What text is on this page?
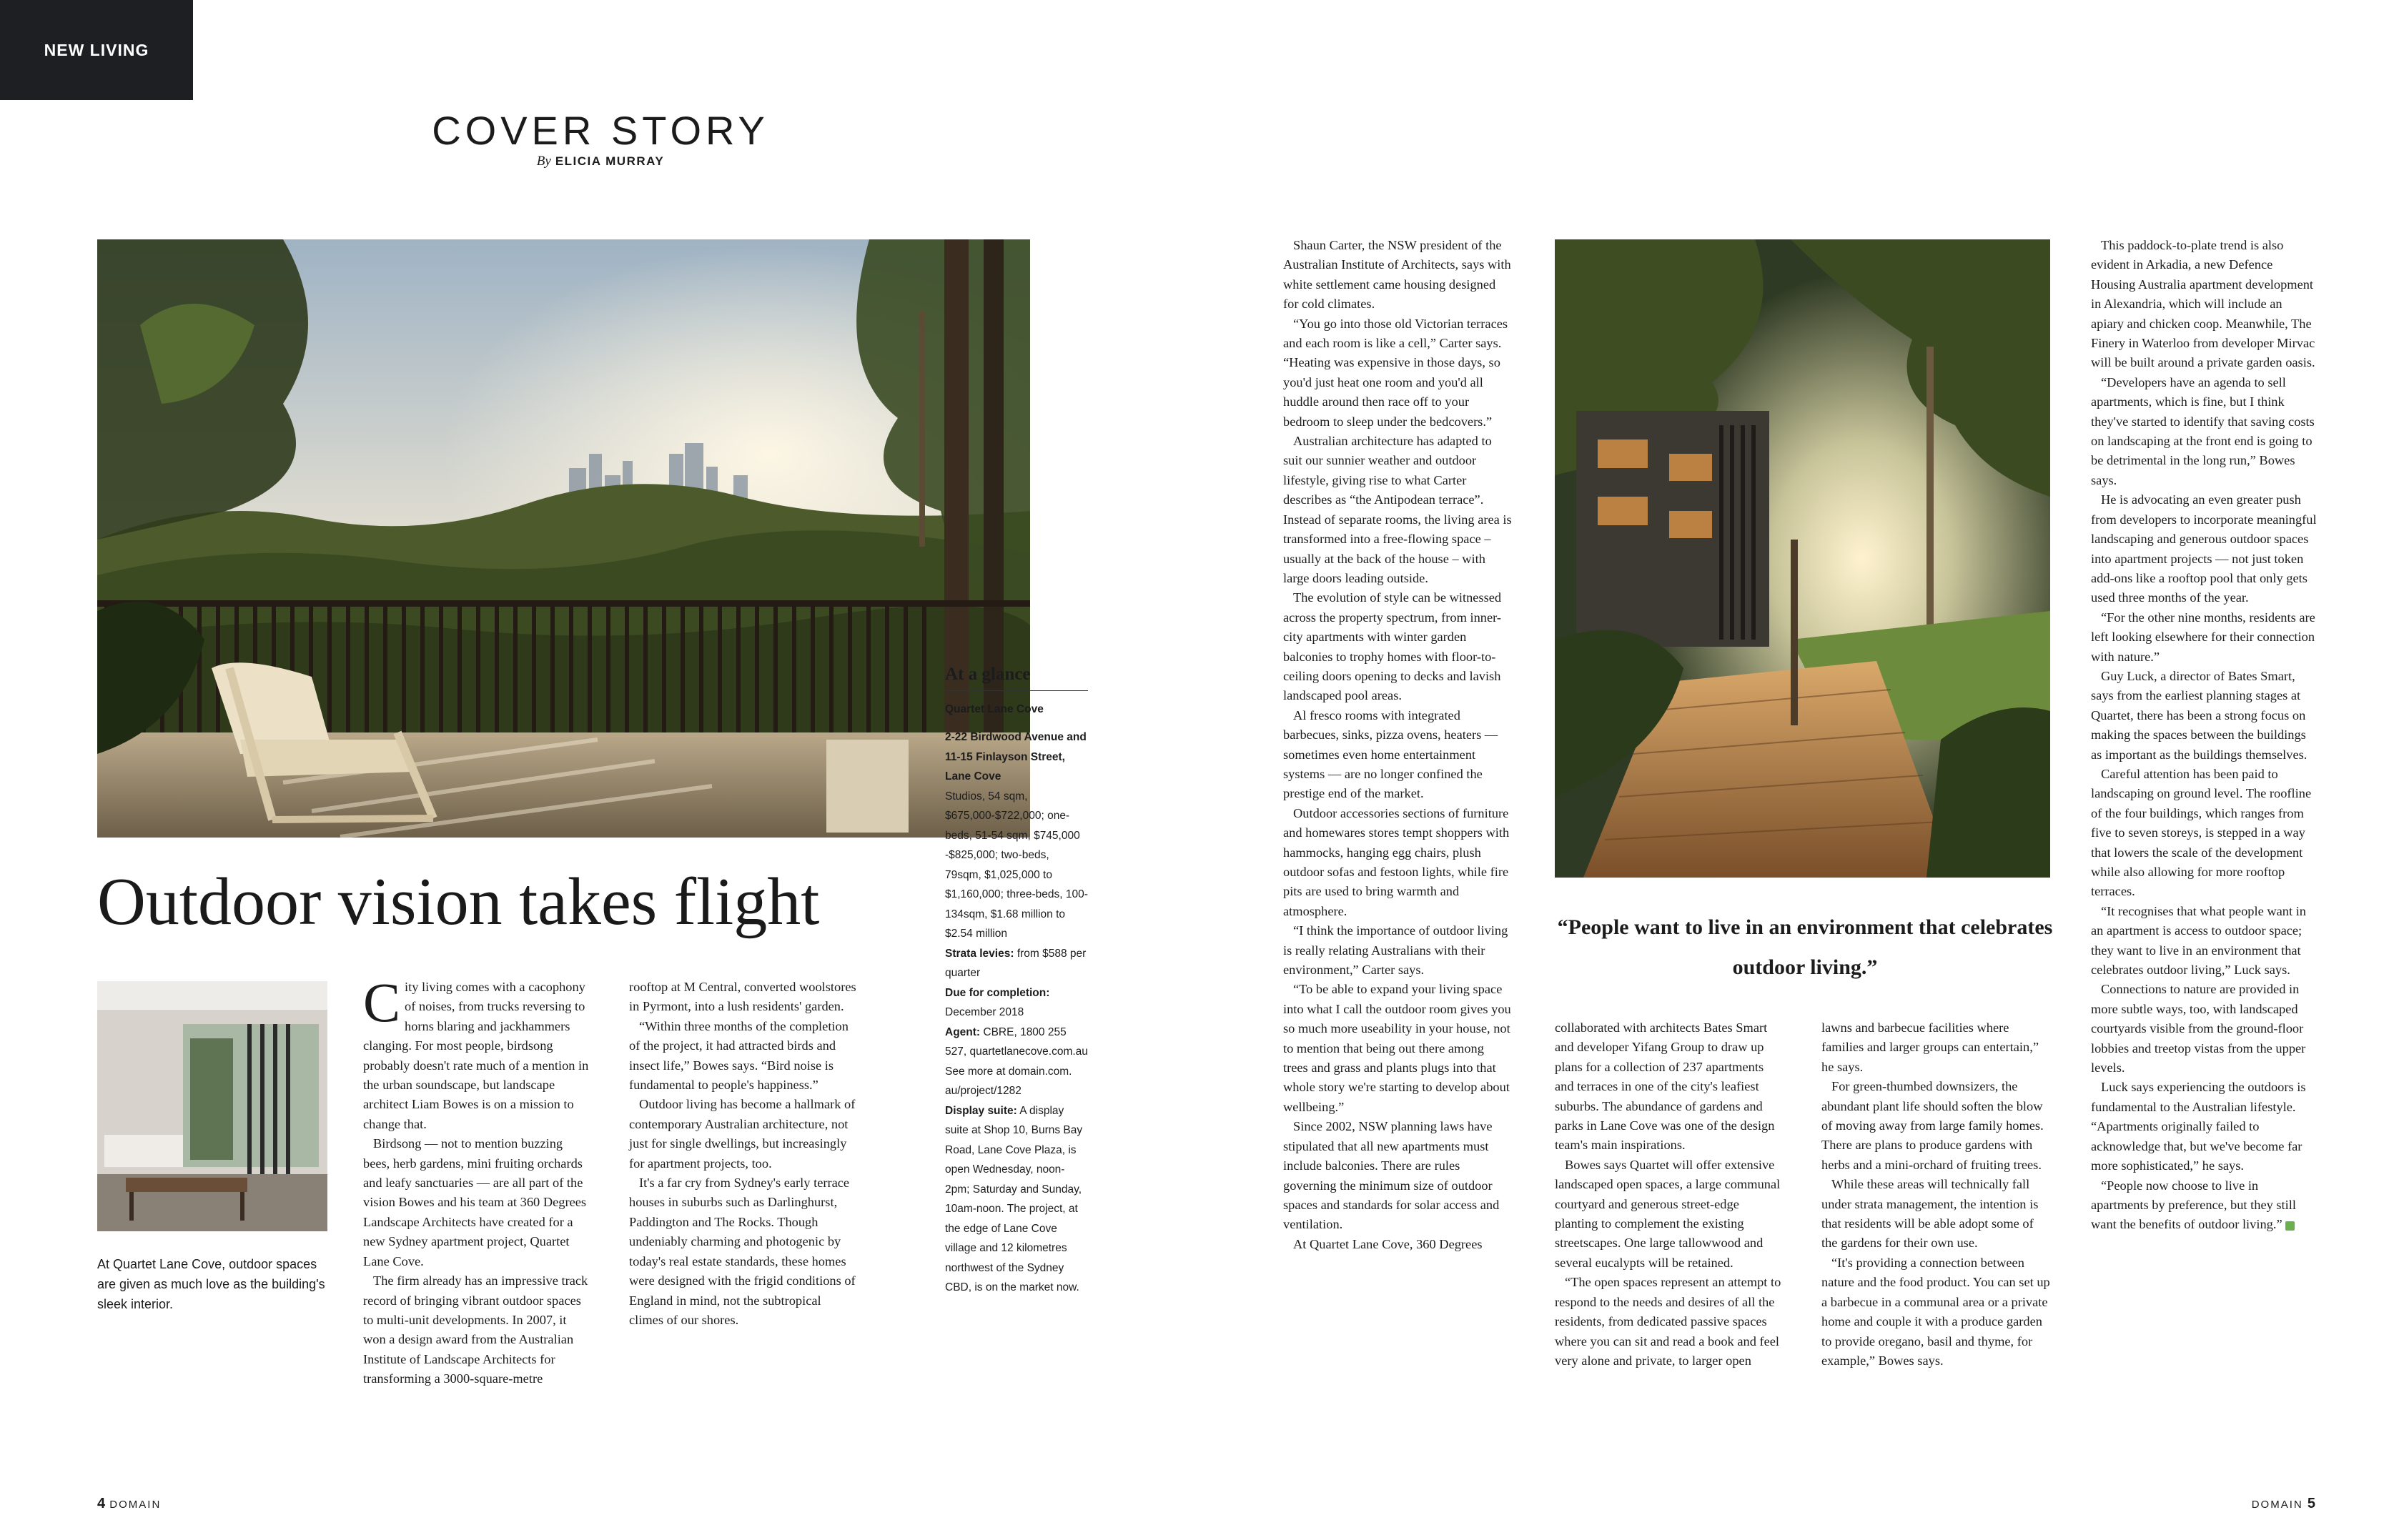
NEW LIVING
COVER STORY
By ELICIA MURRAY
Outdoor vision takes flight
At Quartet Lane Cove, outdoor spaces are given as much love as the building's sleek interior.

City living comes with a cacophony of noises, from trucks reversing to horns blaring and jackhammers clanging. For most people, birdsong probably doesn't rate much of a mention in the urban soundscape, but landscape architect Liam Bowes is on a mission to change that.

Birdsong — not to mention buzzing bees, herb gardens, mini fruiting orchards and leafy sanctuaries — are all part of the vision Bowes and his team at 360 Degrees Landscape Architects have created for a new Sydney apartment project, Quartet Lane Cove.

The firm already has an impressive track record of bringing vibrant outdoor spaces to multi-unit developments. In 2007, it won a design award from the Australian Institute of Landscape Architects for transforming a 3000-square-metre

rooftop at M Central, converted woolstores in Pyrmont, into a lush residents' garden.

“Within three months of the completion of the project, it had attracted birds and insect life,” Bowes says. “Bird noise is fundamental to people's happiness.”

Outdoor living has become a hallmark of contemporary Australian architecture, not just for single dwellings, but increasingly for apartment projects, too.

It's a far cry from Sydney's early terrace houses in suburbs such as Darlinghurst, Paddington and The Rocks. Though undeniably charming and photogenic by today's real estate standards, these homes were designed with the frigid conditions of England in mind, not the subtropical climes of our shores.

At a glance
Quartet Lane Cove
2-22 Birdwood Avenue and 11-15 Finlayson Street, Lane Cove
Studios, 54 sqm, $675,000-$722,000; one-beds, 51-54 sqm, $745,000 -$825,000; two-beds, 79sqm, $1,025,000 to $1,160,000; three-beds, 100-134sqm, $1.68 million to $2.54 million
Strata levies: from $588 per quarter
Due for completion: December 2018
Agent: CBRE, 1800 255 527, quartetlanecove.com.au See more at domain.com. au/project/1282
Display suite: A display suite at Shop 10, Burns Bay Road, Lane Cove Plaza, is open Wednesday, noon-2pm; Saturday and Sunday, 10am-noon. The project, at the edge of Lane Cove village and 12 kilometres northwest of the Sydney CBD, is on the market now.

Shaun Carter, the NSW president of the Australian Institute of Architects, says with white settlement came housing designed for cold climates.

“You go into those old Victorian terraces and each room is like a cell,” Carter says. “Heating was expensive in those days, so you'd just heat one room and you'd all huddle around then race off to your bedroom to sleep under the bedcovers.”

Australian architecture has adapted to suit our sunnier weather and outdoor lifestyle, giving rise to what Carter describes as “the Antipodean terrace”. Instead of separate rooms, the living area is transformed into a free-flowing space – usually at the back of the house – with large doors leading outside.

The evolution of style can be witnessed across the property spectrum, from inner-city apartments with winter garden balconies to trophy homes with floor-to-ceiling doors opening to decks and lavish landscaped pool areas.

Al fresco rooms with integrated barbecues, sinks, pizza ovens, heaters — sometimes even home entertainment systems — are no longer confined the prestige end of the market.

Outdoor accessories sections of furniture and homewares stores tempt shoppers with hammocks, hanging egg chairs, plush outdoor sofas and festoon lights, while fire pits are used to bring warmth and atmosphere.

“I think the importance of outdoor living is really relating Australians with their environment,” Carter says.

“To be able to expand your living space into what I call the outdoor room gives you so much more useability in your house, not to mention that being out there among trees and grass and plants plugs into that whole story we're starting to develop about wellbeing.”

Since 2002, NSW planning laws have stipulated that all new apartments must include balconies. There are rules governing the minimum size of outdoor spaces and standards for solar access and ventilation.

At Quartet Lane Cove, 360 Degrees

“People want to live in an environment that celebrates outdoor living.”

collaborated with architects Bates Smart and developer Yifang Group to draw up plans for a collection of 237 apartments and terraces in one of the city's leafiest suburbs. The abundance of gardens and parks in Lane Cove was one of the design team's main inspirations.

Bowes says Quartet will offer extensive landscaped open spaces, a large communal courtyard and generous street-edge planting to complement the existing streetscapes. One large tallowwood and several eucalypts will be retained.

“The open spaces represent an attempt to respond to the needs and desires of all the residents, from dedicated passive spaces where you can sit and read a book and feel very alone and private, to larger open

lawns and barbecue facilities where families and larger groups can entertain,” he says.

For green-thumbed downsizers, the abundant plant life should soften the blow of moving away from large family homes. There are plans to produce gardens with herbs and a mini-orchard of fruiting trees.

While these areas will technically fall under strata management, the intention is that residents will be able adopt some of the gardens for their own use.

“It's providing a connection between nature and the food product. You can set up a barbecue in a communal area or a private home and couple it with a produce garden to provide oregano, basil and thyme, for example,” Bowes says.

This paddock-to-plate trend is also evident in Arkadia, a new Defence Housing Australia apartment development in Alexandria, which will include an apiary and chicken coop. Meanwhile, The Finery in Waterloo from developer Mirvac will be built around a private garden oasis.

“Developers have an agenda to sell apartments, which is fine, but I think they've started to identify that saving costs on landscaping at the front end is going to be detrimental in the long run,” Bowes says.

He is advocating an even greater push from developers to incorporate meaningful landscaping and generous outdoor spaces into apartment projects — not just token add-ons like a rooftop pool that only gets used three months of the year.

“For the other nine months, residents are left looking elsewhere for their connection with nature.”

Guy Luck, a director of Bates Smart, says from the earliest planning stages at Quartet, there has been a strong focus on making the spaces between the buildings as important as the buildings themselves.

Careful attention has been paid to landscaping on ground level. The roofline of the four buildings, which ranges from five to seven storeys, is stepped in a way that lowers the scale of the development while also allowing for more rooftop terraces.

“It recognises that what people want in an apartment is access to outdoor space; they want to live in an environment that celebrates outdoor living,” Luck says.

Connections to nature are provided in more subtle ways, too, with landscaped courtyards visible from the ground-floor lobbies and treetop vistas from the upper levels.

Luck says experiencing the outdoors is fundamental to the Australian lifestyle. “Apartments originally failed to acknowledge that, but we've become far more sophisticated,” he says.

“People now choose to live in apartments by preference, but they still want the benefits of outdoor living.”

4 DOMAIN	DOMAIN 5
